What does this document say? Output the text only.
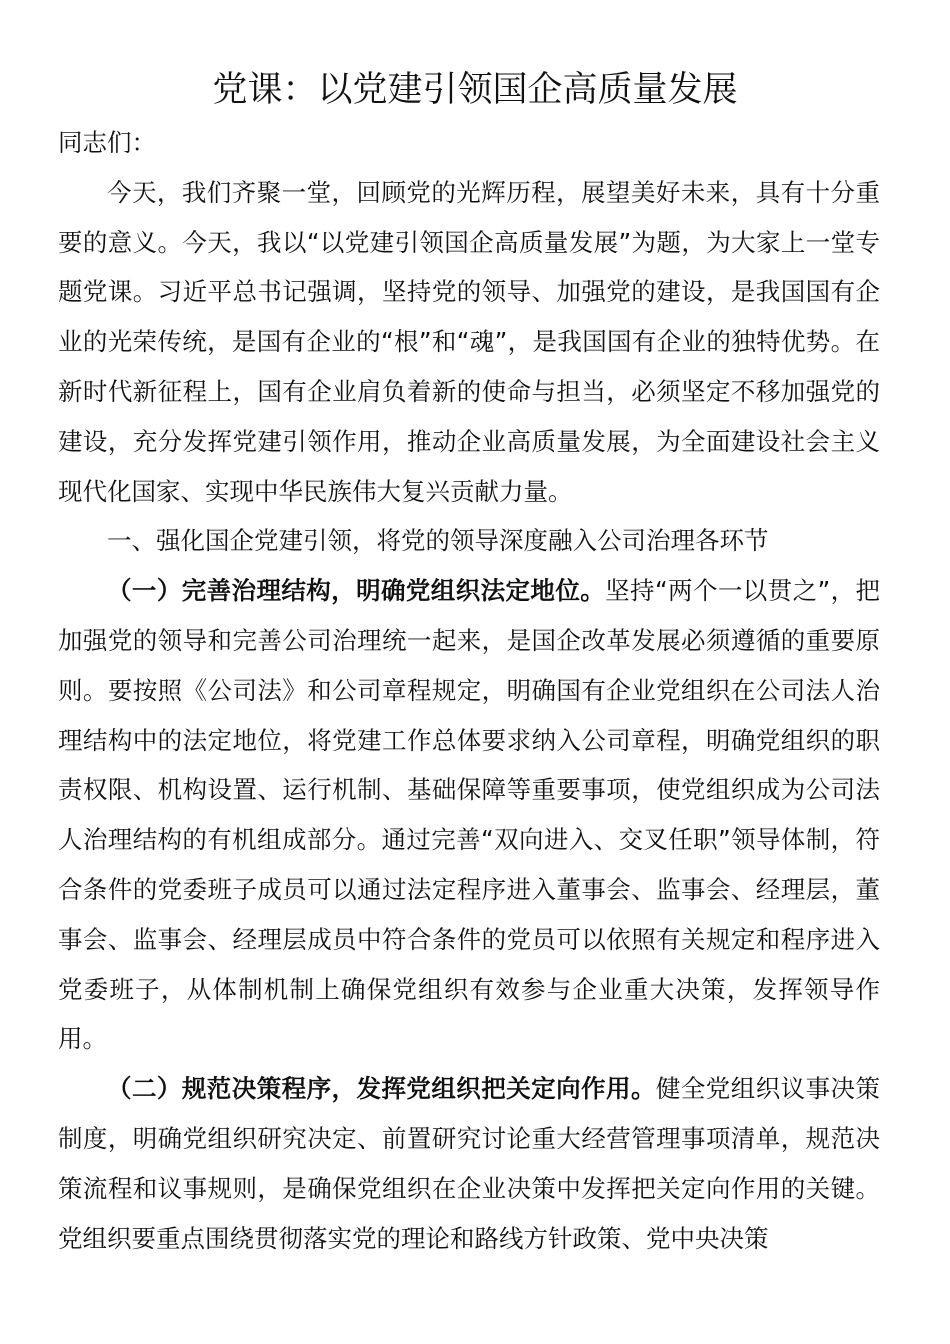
党课：以党建引领国企高质量发展

同志们：

今天，我们齐聚一堂，回顾党的光辉历程，展望美好未来，具有十分重要的意义。今天，我以“以党建引领国企高质量发展”为题，为大家上一堂专题党课。习近平总书记强调，坚持党的领导、加强党的建设，是我国国有企业的光荣传统，是国有企业的“根”和“魂”，是我国国有企业的独特优势。在新时代新征程上，国有企业肩负着新的使命与担当，必须坚定不移加强党的建设，充分发挥党建引领作用，推动企业高质量发展，为全面建设社会主义现代化国家、实现中华民族伟大复兴贡献力量。

一、强化国企党建引领，将党的领导深度融入公司治理各环节

（一）完善治理结构，明确党组织法定地位。坚持“两个一以贯之”，把加强党的领导和完善公司治理统一起来，是国企改革发展必须遵循的重要原则。要按照《公司法》和公司章程规定，明确国有企业党组织在公司法人治理结构中的法定地位，将党建工作总体要求纳入公司章程，明确党组织的职责权限、机构设置、运行机制、基础保障等重要事项，使党组织成为公司法人治理结构的有机组成部分。通过完善“双向进入、交叉任职”领导体制，符合条件的党委班子成员可以通过法定程序进入董事会、监事会、经理层，董事会、监事会、经理层成员中符合条件的党员可以依照有关规定和程序进入党委班子，从体制机制上确保党组织有效参与企业重大决策，发挥领导作用。

（二）规范决策程序，发挥党组织把关定向作用。健全党组织议事决策制度，明确党组织研究决定、前置研究讨论重大经营管理事项清单，规范决策流程和议事规则，是确保党组织在企业决策中发挥把关定向作用的关键。党组织要重点围绕贯彻落实党的理论和路线方针政策、党中央决策
